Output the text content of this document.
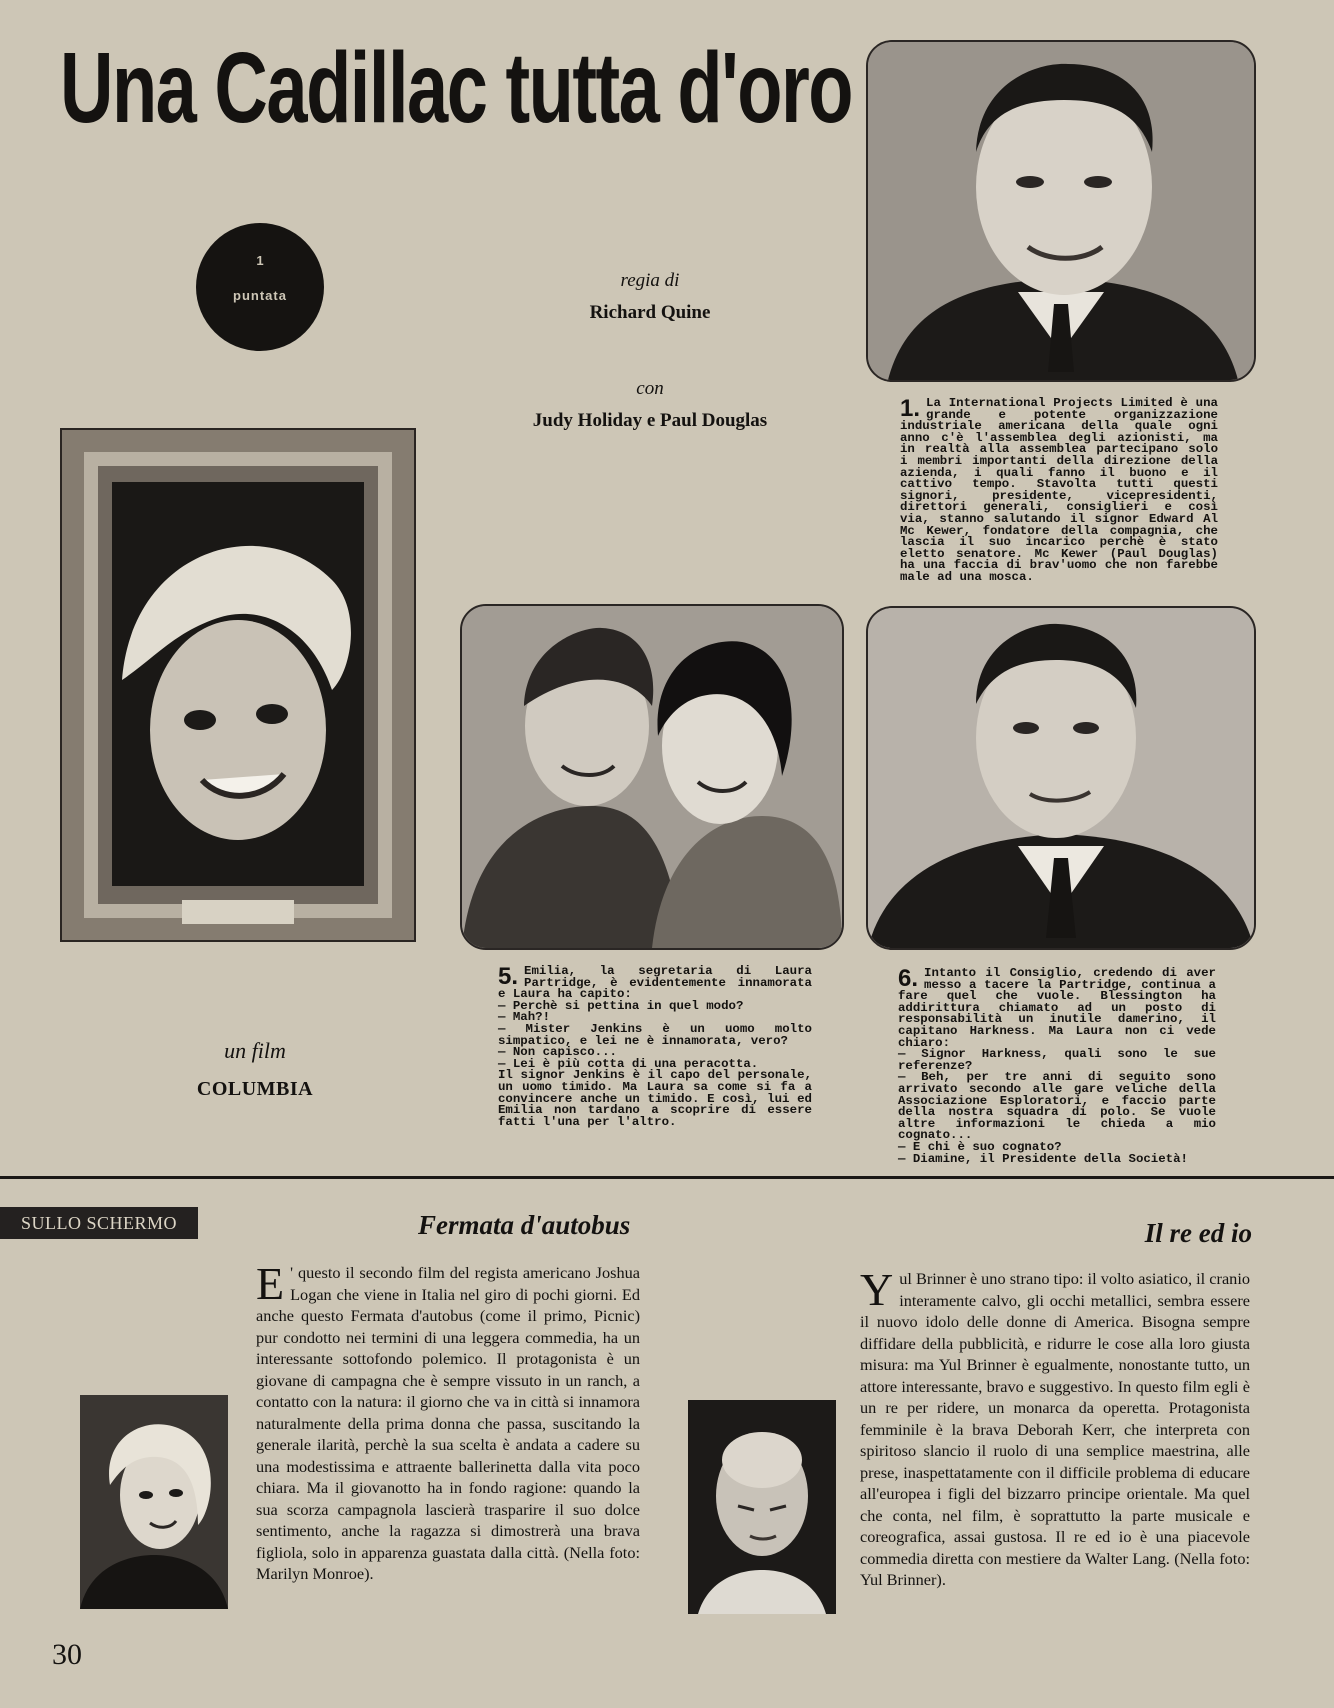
Una Cadillac tutta d'oro
1
puntata
regia di
Richard Quine
con
Judy Holiday e Paul Douglas	1. La International Projects Limited è una grande e potente organizzazione industriale americana della quale ogni anno c'è l'assemblea degli azionisti, ma in realtà alla assemblea partecipano solo i membri importanti della direzione della azienda, i quali fanno il buono e il cattivo tempo. Stavolta tutti questi signori, presidente, vicepresidenti, direttori generali, consiglieri e così via, stanno salutando il signor Edward Al Mc Kewer, fondatore della compagnia, che lascia il suo incarico perchè è stato eletto senatore. Mc Kewer (Paul Douglas) ha una faccia di brav'uomo che non farebbe male ad una mosca.

un film
COLUMBIA
5. Emilia, la segretaria di Laura Partridge, è evidentemente innamorata e Laura ha capito:

— Perchè si pettina in quel modo?

— Mah?!

— Mister Jenkins è un uomo molto simpatico, e lei ne è innamorata, vero?

— Non capisco...

— Lei è più cotta di una peracotta.

Il signor Jenkins è il capo del personale, un uomo timido. Ma Laura sa come si fa a convincere anche un timido. E così, lui ed Emilia non tardano a scoprire di essere fatti l'una per l'altro.

6. Intanto il Consiglio, credendo di aver messo a tacere la Partridge, continua a fare quel che vuole. Blessington ha addirittura chiamato ad un posto di responsabilità un inutile damerino, il capitano Harkness. Ma Laura non ci vede chiaro:

— Signor Harkness, quali sono le sue referenze?

— Beh, per tre anni di seguito sono arrivato secondo alle gare veliche della Associazione Esploratori, e faccio parte della nostra squadra di polo. Se vuole altre informazioni le chieda a mio cognato...

— E chi è suo cognato?

— Diamine, il Presidente della Società!

SULLO SCHERMO	Fermata d'autobus	Il re ed io
E ' questo il secondo film del regista americano Joshua Logan che viene in Italia nel giro di pochi giorni. Ed anche questo Fermata d'autobus (come il primo, Picnic) pur condotto nei termini di una leggera commedia, ha un interessante sottofondo polemico. Il protagonista è un giovane di campagna che è sempre vissuto in un ranch, a contatto con la natura: il giorno che va in città si innamora naturalmente della prima donna che passa, suscitando la generale ilarità, perchè la sua scelta è andata a cadere su una modestissima e attraente ballerinetta dalla vita poco chiara. Ma il giovanotto ha in fondo ragione: quando la sua scorza campagnola lascierà trasparire il suo dolce sentimento, anche la ragazza si dimostrerà una brava figliola, solo in apparenza guastata dalla città. (Nella foto: Marilyn Monroe).

Y ul Brinner è uno strano tipo: il volto asiatico, il cranio interamente calvo, gli occhi metallici, sembra essere il nuovo idolo delle donne di America. Bisogna sempre diffidare della pubblicità, e ridurre le cose alla loro giusta misura: ma Yul Brinner è egualmente, nonostante tutto, un attore interessante, bravo e suggestivo. In questo film egli è un re per ridere, un monarca da operetta. Protagonista femminile è la brava Deborah Kerr, che interpreta con spiritoso slancio il ruolo di una semplice maestrina, alle prese, inaspettatamente con il difficile problema di educare all'europea i figli del bizzarro principe orientale. Ma quel che conta, nel film, è soprattutto la parte musicale e coreografica, assai gustosa. Il re ed io è una piacevole commedia diretta con mestiere da Walter Lang. (Nella foto: Yul Brinner).

30
